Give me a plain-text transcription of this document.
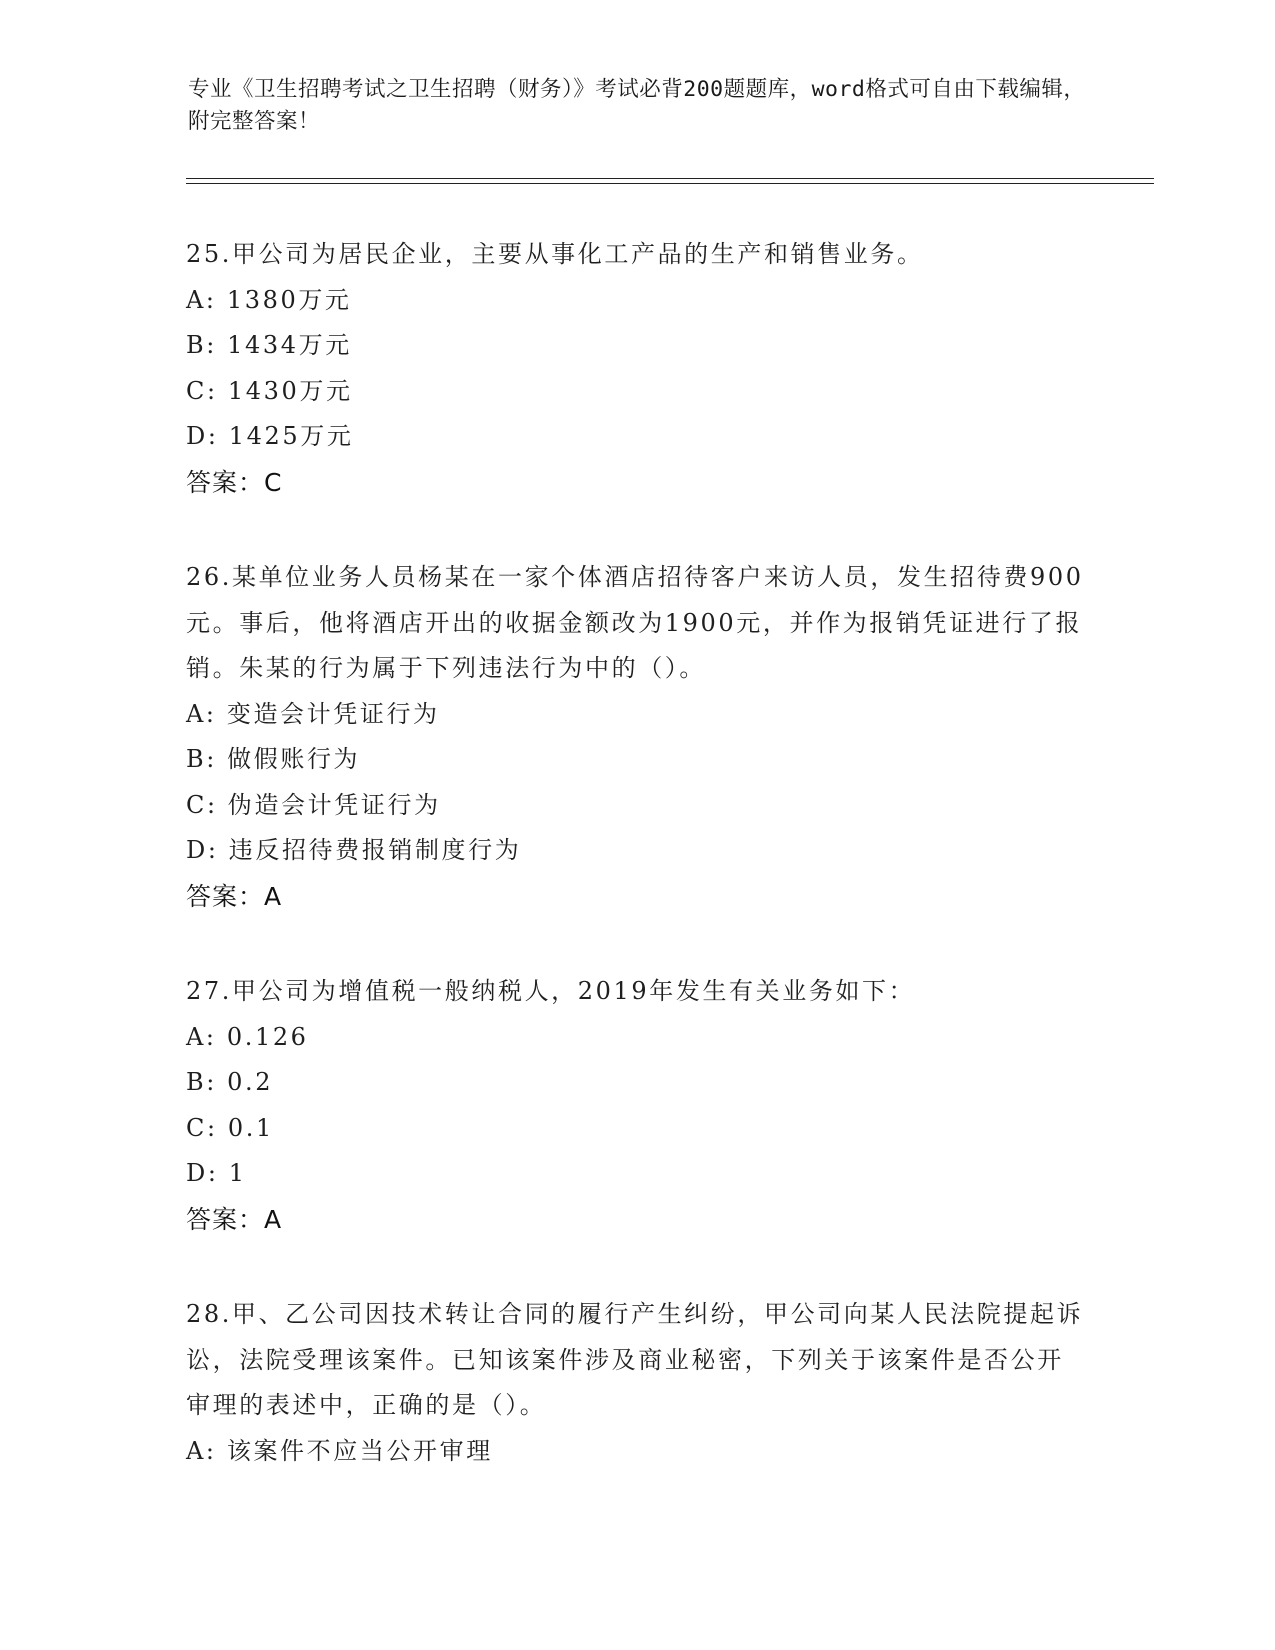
专业《卫生招聘考试之卫生招聘（财务）》考试必背200题题库，word格式可自由下载编辑，附完整答案！

25.甲公司为居民企业，主要从事化工产品的生产和销售业务。

A: 1380万元

B: 1434万元

C: 1430万元

D: 1425万元

答案：C

26.某单位业务人员杨某在一家个体酒店招待客户来访人员，发生招待费900元。事后，他将酒店开出的收据金额改为1900元，并作为报销凭证进行了报销。朱某的行为属于下列违法行为中的（）。

A: 变造会计凭证行为

B: 做假账行为

C: 伪造会计凭证行为

D: 违反招待费报销制度行为

答案：A

27.甲公司为增值税一般纳税人，2019年发生有关业务如下：

A: 0.126

B: 0.2

C: 0.1

D: 1

答案：A

28.甲、乙公司因技术转让合同的履行产生纠纷，甲公司向某人民法院提起诉讼，法院受理该案件。已知该案件涉及商业秘密，下列关于该案件是否公开审理的表述中，正确的是（）。

A: 该案件不应当公开审理
